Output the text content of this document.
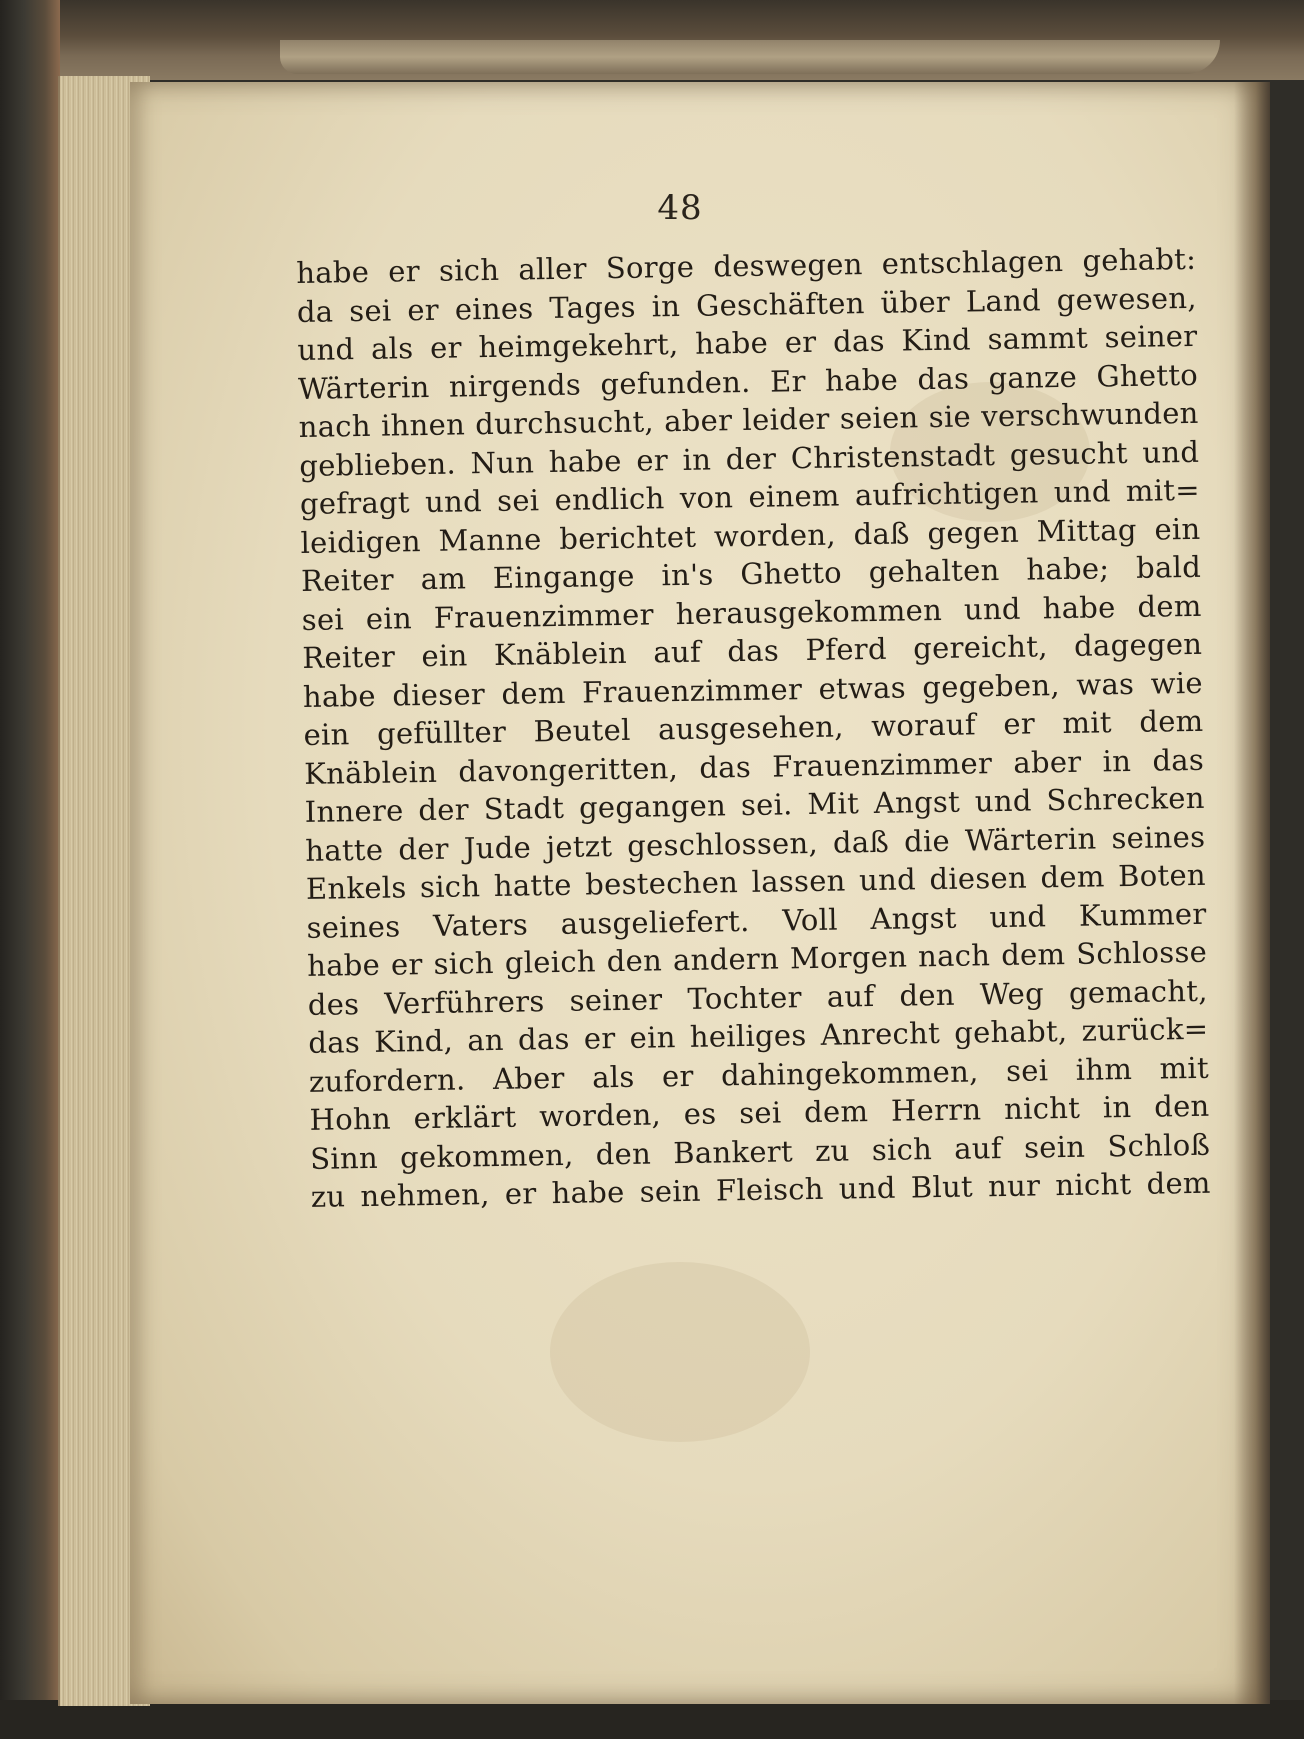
48
habe er sich aller Sorge deswegen entschlagen gehabt:
da sei er eines Tages in Geschäften über Land gewesen,
und als er heimgekehrt, habe er das Kind sammt seiner
Wärterin nirgends gefunden. Er habe das ganze Ghetto
nach ihnen durchsucht, aber leider seien sie verschwunden
geblieben. Nun habe er in der Christenstadt gesucht und
gefragt und sei endlich von einem aufrichtigen und mit=
leidigen Manne berichtet worden, daß gegen Mittag ein
Reiter am Eingange in's Ghetto gehalten habe; bald
sei ein Frauenzimmer herausgekommen und habe dem
Reiter ein Knäblein auf das Pferd gereicht, dagegen
habe dieser dem Frauenzimmer etwas gegeben, was wie
ein gefüllter Beutel ausgesehen, worauf er mit dem
Knäblein davongeritten, das Frauenzimmer aber in das
Innere der Stadt gegangen sei. Mit Angst und Schrecken
hatte der Jude jetzt geschlossen, daß die Wärterin seines
Enkels sich hatte bestechen lassen und diesen dem Boten
seines Vaters ausgeliefert. Voll Angst und Kummer
habe er sich gleich den andern Morgen nach dem Schlosse
des Verführers seiner Tochter auf den Weg gemacht,
das Kind, an das er ein heiliges Anrecht gehabt, zurück=
zufordern. Aber als er dahingekommen, sei ihm mit
Hohn erklärt worden, es sei dem Herrn nicht in den
Sinn gekommen, den Bankert zu sich auf sein Schloß
zu nehmen, er habe sein Fleisch und Blut nur nicht dem
